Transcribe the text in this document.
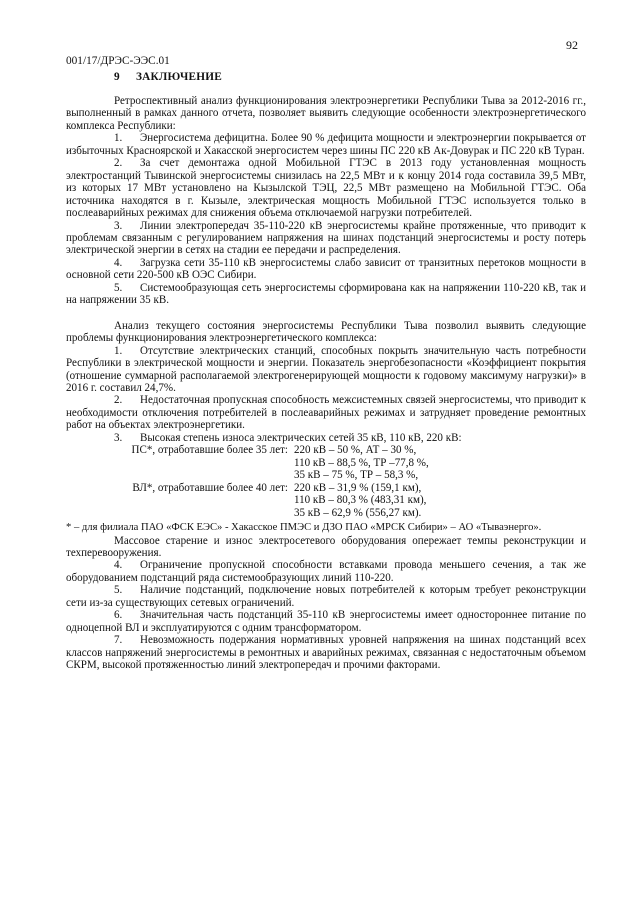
92
001/17/ДРЭС-ЭЭС.01
9 ЗАКЛЮЧЕНИЕ

Ретроспективный анализ функционирования электроэнергетики Республики Тыва за 2012-2016 гг., выполненный в рамках данного отчета, позволяет выявить следующие особенности электроэнергетического комплекса Республики:

1. Энергосистема дефицитна. Более 90 % дефицита мощности и электроэнергии покрывается от избыточных Красноярской и Хакасской энергосистем через шины ПС 220 кВ Ак-Довурак и ПС 220 кВ Туран.

2. За счет демонтажа одной Мобильной ГТЭС в 2013 году установленная мощность электростанций Тывинской энергосистемы снизилась на 22,5 МВт и к концу 2014 года составила 39,5 МВт, из которых 17 МВт установлено на Кызылской ТЭЦ, 22,5 МВт размещено на Мобильной ГТЭС. Оба источника находятся в г. Кызыле, электрическая мощность Мобильной ГТЭС используется только в послеаварийных режимах для снижения объема отключаемой нагрузки потребителей.

3. Линии электропередач 35-110-220 кВ энергосистемы крайне протяженные, что приводит к проблемам связанным с регулированием напряжения на шинах подстанций энергосистемы и росту потерь электрической энергии в сетях на стадии ее передачи и распределения.

4. Загрузка сети 35-110 кВ энергосистемы слабо зависит от транзитных перетоков мощности в основной сети 220-500 кВ ОЭС Сибири.

5. Системообразующая сеть энергосистемы сформирована как на напряжении 110-220 кВ, так и на напряжении 35 кВ.

Анализ текущего состояния энергосистемы Республики Тыва позволил выявить следующие проблемы функционирования электроэнергетического комплекса:

1. Отсутствие электрических станций, способных покрыть значительную часть потребности Республики в электрической мощности и энергии. Показатель энергобезопасности «Коэффициент покрытия (отношение суммарной располагаемой электрогенерирующей мощности к годовому максимуму нагрузки)» в 2016 г. составил 24,7%.

2. Недостаточная пропускная способность межсистемных связей энергосистемы, что приводит к необходимости отключения потребителей в послеаварийных режимах и затрудняет проведение ремонтных работ на объектах электроэнергетики.

3. Высокая степень износа электрических сетей 35 кВ, 110 кВ, 220 кВ:

ПС*, отработавшие более 35 лет: 220 кВ – 50 %, АТ – 30 %,
110 кВ – 88,5 %, ТР –77,8 %,
35 кВ – 75 %, ТР – 58,3 %,
ВЛ*, отработавшие более 40 лет: 220 кВ – 31,9 % (159,1 км),
110 кВ – 80,3 % (483,31 км),
35 кВ – 62,9 % (556,27 км).

* – для филиала ПАО «ФСК ЕЭС» - Хакасское ПМЭС и ДЗО ПАО «МРСК Сибири» – АО «Тываэнерго».

Массовое старение и износ электросетевого оборудования опережает темпы реконструкции и техперевооружения.

4. Ограничение пропускной способности вставками провода меньшего сечения, а так же оборудованием подстанций ряда системообразующих линий 110-220.

5. Наличие подстанций, подключение новых потребителей к которым требует реконструкции сети из-за существующих сетевых ограничений.

6. Значительная часть подстанций 35-110 кВ энергосистемы имеет одностороннее питание по одноцепной ВЛ и эксплуатируются с одним трансформатором.

7. Невозможность подержания нормативных уровней напряжения на шинах подстанций всех классов напряжений энергосистемы в ремонтных и аварийных режимах, связанная с недостаточным объемом СКРМ, высокой протяженностью линий электропередач и прочими факторами.
